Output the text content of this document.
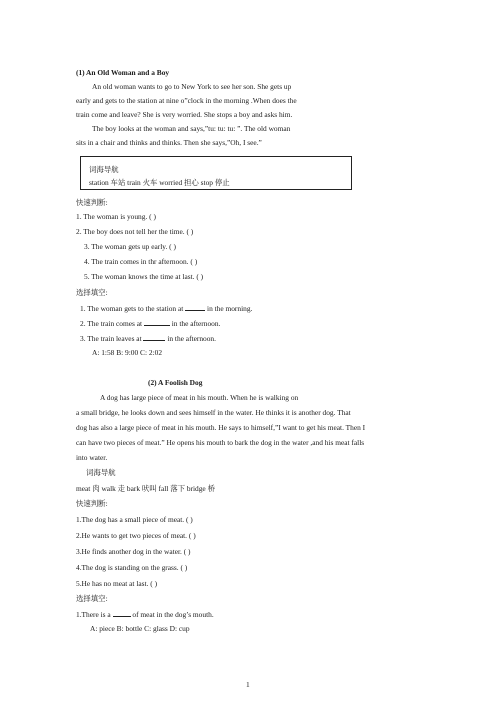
(1) An Old Woman and a Boy
An old woman wants to go to New York to see her son. She gets up
early and gets to the station at nine o”clock in the morning .When does the
train come and leave? She is very worried. She stops a boy and asks him.
The boy looks at the woman and says,”tu: tu: tu: ”. The old woman
sits in a chair and thinks and thinks. Then she says,”Oh, I see.”
词海导航
station 车站 train 火车 worried 担心 stop 停止
快速判断:
1. The woman is young. ( )
2. The boy does not tell her the time. ( )
3. The woman gets up early. ( )
4. The train comes in thr afternoon. ( )
5. The woman knows the time at last. ( )
选择填空:
1. The woman gets to the station at	in the morning.
2. The train comes at	in the afternoon.
3. The train leaves at	in the afternoon.
A: 1:58 B: 9:00 C: 2:02
(2) A Foolish Dog
A dog has large piece of meat in his mouth. When he is walking on
a small bridge, he looks down and sees himself in the water. He thinks it is another dog. That
dog has also a large piece of meat in his mouth. He says to himself,”I want to get his meat. Then I
can have two pieces of meat.” He opens his mouth to bark the dog in the water ,and his meat falls
into water.
词海导航
meat 肉 walk 走 bark 吠叫 fall 落下 bridge 桥
快速判断:
1.The dog has a small piece of meat. ( )
2.He wants to get two pieces of meat. ( )
3.He finds another dog in the water. ( )
4.The dog is standing on the grass. ( )
5.He has no meat at last. ( )
选择填空:
1.There is a  of meat in the dog’s mouth.
A: piece B: bottle C: glass D: cup
1
